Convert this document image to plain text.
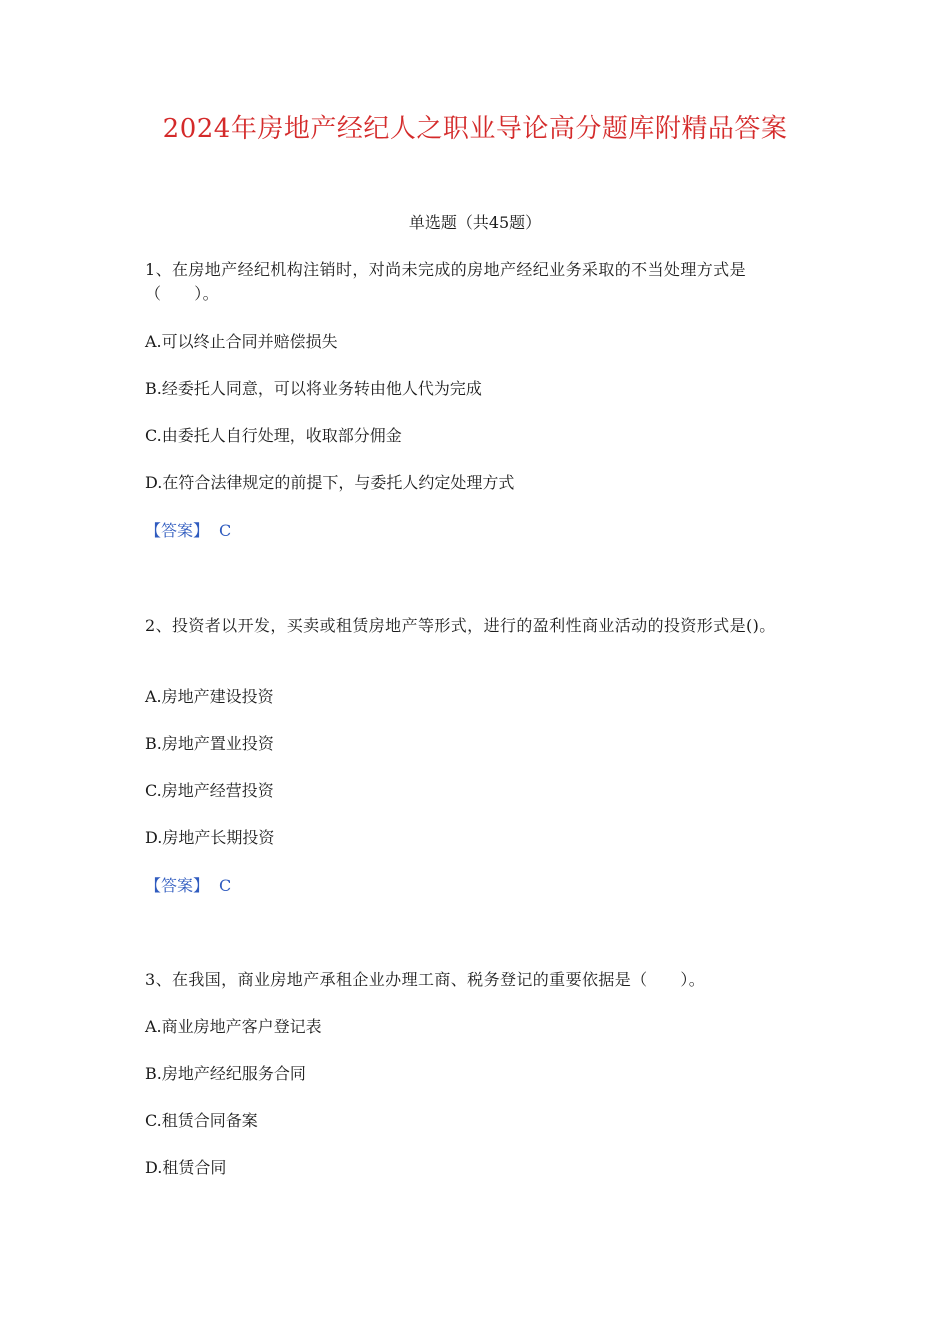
2024年房地产经纪人之职业导论高分题库附精品答案
单选题（共45题）
1、在房地产经纪机构注销时，对尚未完成的房地产经纪业务采取的不当处理方式是（　　）。
A.可以终止合同并赔偿损失
B.经委托人同意，可以将业务转由他人代为完成
C.由委托人自行处理，收取部分佣金
D.在符合法律规定的前提下，与委托人约定处理方式
【答案】 C
2、投资者以开发，买卖或租赁房地产等形式，进行的盈利性商业活动的投资形式是()。
A.房地产建设投资
B.房地产置业投资
C.房地产经营投资
D.房地产长期投资
【答案】 C
3、在我国，商业房地产承租企业办理工商、税务登记的重要依据是（　　）。
A.商业房地产客户登记表
B.房地产经纪服务合同
C.租赁合同备案
D.租赁合同
